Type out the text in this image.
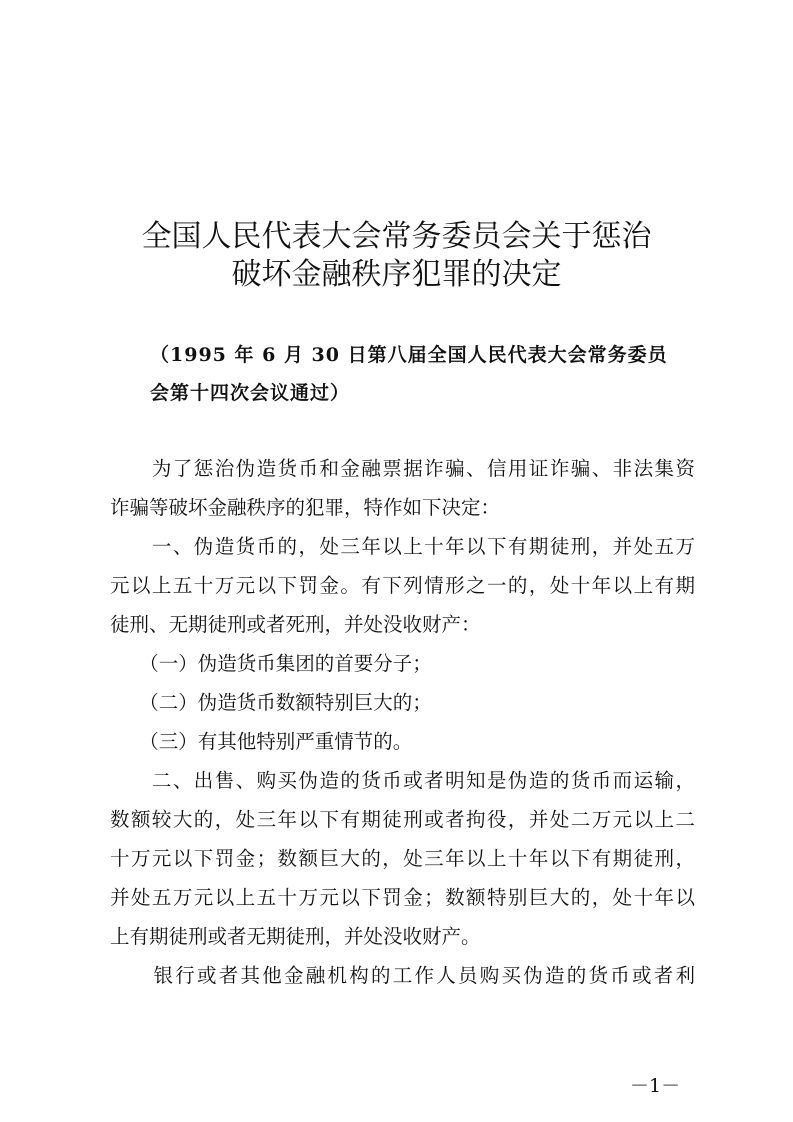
全国人民代表大会常务委员会关于惩治
破坏金融秩序犯罪的决定
（1995 年 6 月 30 日第八届全国人民代表大会常务委员
会第十四次会议通过）
　　为了惩治伪造货币和金融票据诈骗、信用证诈骗、非法集资
诈骗等破坏金融秩序的犯罪，特作如下决定：
　　一、伪造货币的，处三年以上十年以下有期徒刑，并处五万
元以上五十万元以下罚金。有下列情形之一的，处十年以上有期
徒刑、无期徒刑或者死刑，并处没收财产：
　　（一）伪造货币集团的首要分子；
　　（二）伪造货币数额特别巨大的；
　　（三）有其他特别严重情节的。
　　二、出售、购买伪造的货币或者明知是伪造的货币而运输，
数额较大的，处三年以下有期徒刑或者拘役，并处二万元以上二
十万元以下罚金；数额巨大的，处三年以上十年以下有期徒刑，
并处五万元以上五十万元以下罚金；数额特别巨大的，处十年以
上有期徒刑或者无期徒刑，并处没收财产。
　　银行或者其他金融机构的工作人员购买伪造的货币或者利
－1－
